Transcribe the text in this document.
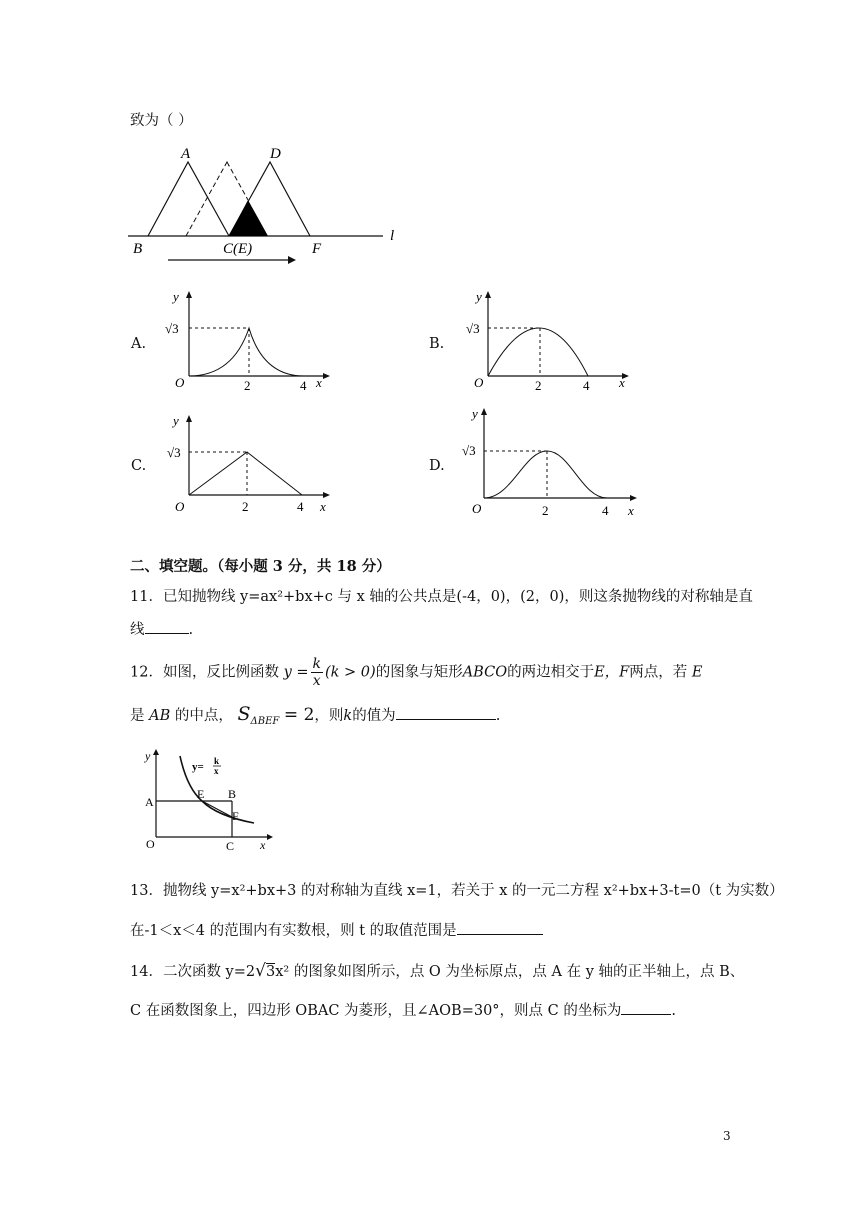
致为（ ）
A	D
B	C(E)	F
l
A.
y
√3
O	2	4 x
B.
y
√3
O	2	4 x
C.
y
√3
O	2	4 x
D.
y
√3
O	2	4 x
二、填空题。（每小题 3 分，共 18 分）
11．已知抛物线 y=ax²+bx+c 与 x 轴的公共点是(-4，0)，(2，0)，则这条抛物线的对称轴是直
线	.
12．如图，反比例函数 $y = \frac{k}{x} (k > 0)$的图象与矩形ABCO的两边相交于E，F两点，若 E
是 AB 的中点， $S_{\Delta BEF} = 2$，则k的值为	.
y
y= k
x
A
E B
F
O	C x
13．抛物线 y=x²+bx+3 的对称轴为直线 x=1，若关于 x 的一元二方程 x²+bx+3-t=0（t 为实数）
在-1＜x＜4 的范围内有实数根，则 t 的取值范围是
14．二次函数 y=2√3x² 的图象如图所示，点 O 为坐标原点，点 A 在 y 轴的正半轴上，点 B、
C 在函数图象上，四边形 OBAC 为菱形，且∠AOB=30°，则点 C 的坐标为	.
3
